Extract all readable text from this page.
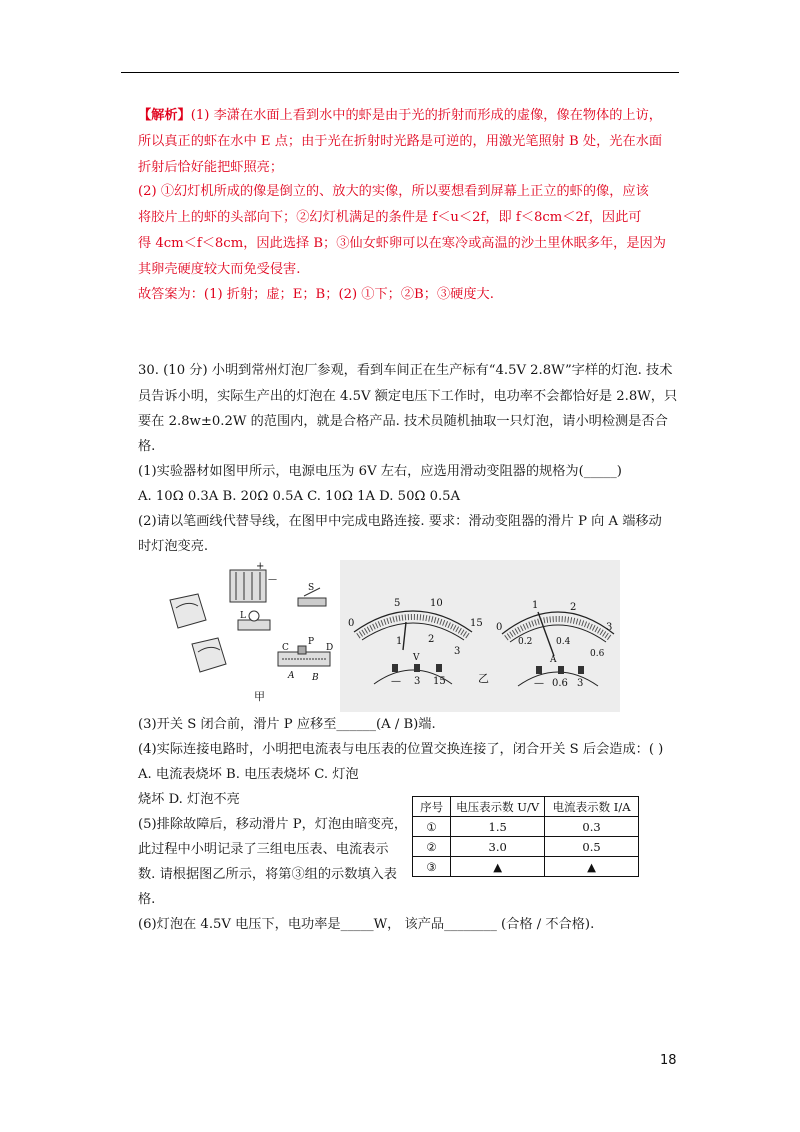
【解析】(1) 李潇在水面上看到水中的虾是由于光的折射而形成的虚像，像在物体的上访，
所以真正的虾在水中 E 点；由于光在折射时光路是可逆的，用激光笔照射 B 处，光在水面
折射后恰好能把虾照亮；
(2) ①幻灯机所成的像是倒立的、放大的实像，所以要想看到屏幕上正立的虾的像，应该
将胶片上的虾的头部向下；②幻灯机满足的条件是 f＜u＜2f，即 f＜8cm＜2f，因此可
得 4cm＜f＜8cm，因此选择 B；③仙女虾卵可以在寒冷或高温的沙土里休眠多年，是因为
其卵壳硬度较大而免受侵害.
故答案为：(1) 折射；虚；E；B；(2) ①下；②B；③硬度大.
30. (10 分) 小明到常州灯泡厂参观，看到车间正在生产标有“4.5V 2.8W”字样的灯泡. 技术
员告诉小明，实际生产出的灯泡在 4.5V 额定电压下工作时，电功率不会都恰好是 2.8W，只
要在 2.8w±0.2W 的范围内，就是合格产品. 技术员随机抽取一只灯泡，请小明检测是否合
格.
(1)实验器材如图甲所示，电源电压为 6V 左右，应选用滑动变阻器的规格为(_____)
A. 10Ω 0.3A B. 20Ω 0.5A C. 10Ω 1A D. 50Ω 0.5A
(2)请以笔画线代替导线，在图甲中完成电路连接. 要求：滑动变阻器的滑片 P 向 A 端移动
时灯泡变亮.
+
—
S
L
C
P
D
A B
甲
0
5	10
15
1	2
3
V
— 3 15
0
1	2
3
0.2	0.4
0.6
A
— 0.6 3
乙
(3)开关 S 闭合前，滑片 P 应移至______(A / B)端.
(4)实际连接电路时，小明把电流表与电压表的位置交换连接了，闭合开关 S 后会造成：( )
A. 电流表烧坏 B. 电压表烧坏 C. 灯泡
烧坏 D. 灯泡不亮
(5)排除故障后，移动滑片 P，灯泡由暗变亮，
此过程中小明记录了三组电压表、电流表示
数. 请根据图乙所示，将第③组的示数填入表
格.
(6)灯泡在 4.5V 电压下，电功率是_____W， 该产品________ (合格 / 不合格).
序号	电压表示数 U/V	电流表示数 I/A
①	1.5	0.3
②	3.0	0.5
③	▲	▲
18
